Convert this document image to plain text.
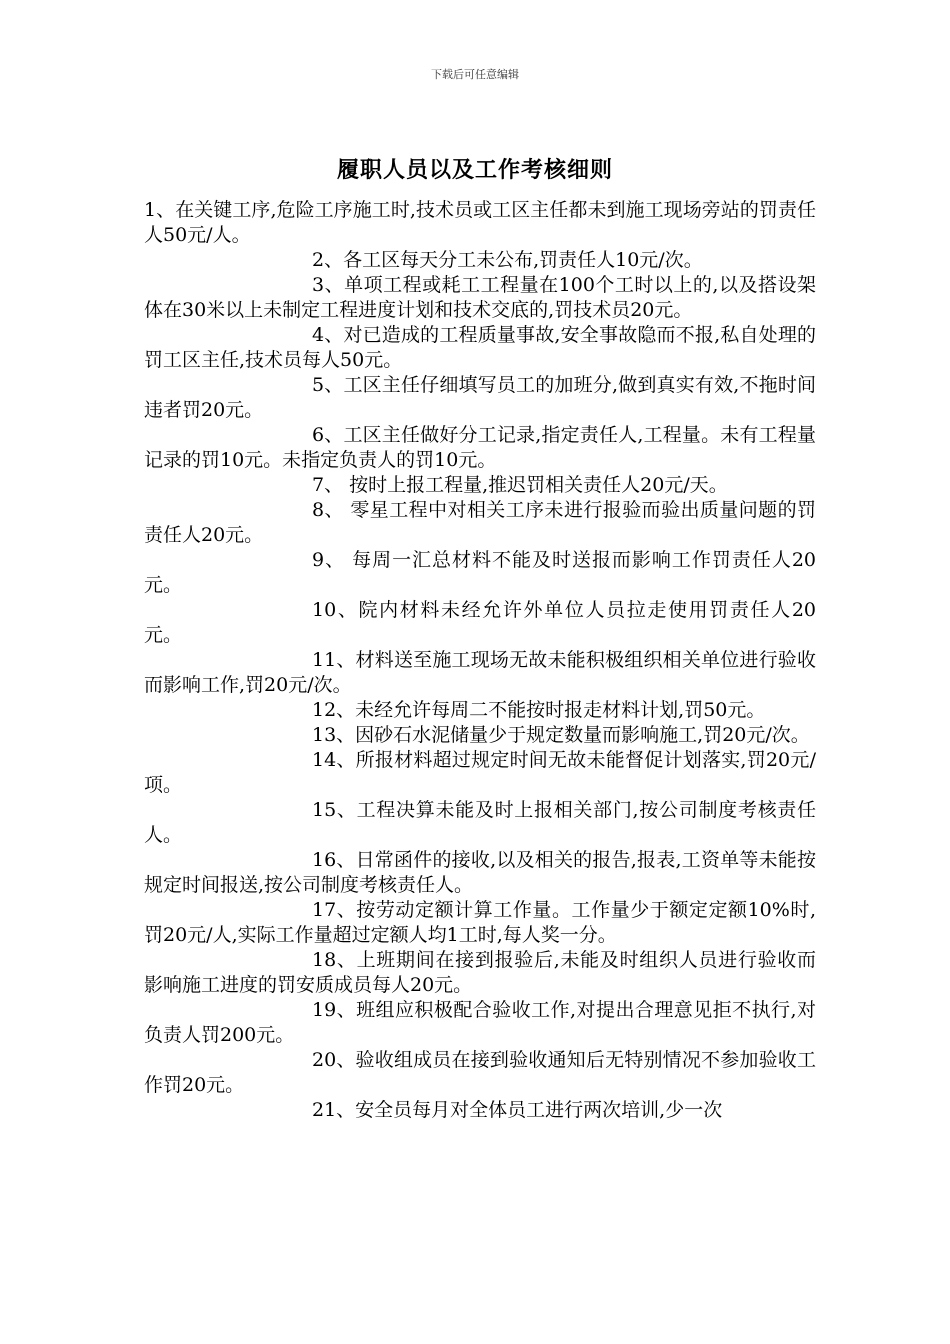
下载后可任意编辑
履职人员以及工作考核细则

1、在关键工序,危险工序施工时,技术员或工区主任都未到施工现场旁站的罚责任人50元/人。

2、各工区每天分工未公布,罚责任人10元/次。

3、单项工程或耗工工程量在100个工时以上的,以及搭设架体在30米以上未制定工程进度计划和技术交底的,罚技术员20元。

4、对已造成的工程质量事故,安全事故隐而不报,私自处理的罚工区主任,技术员每人50元。

5、工区主任仔细填写员工的加班分,做到真实有效,不拖时间违者罚20元。

6、工区主任做好分工记录,指定责任人,工程量。未有工程量记录的罚10元。未指定负责人的罚10元。

7、 按时上报工程量,推迟罚相关责任人20元/天。

8、 零星工程中对相关工序未进行报验而验出质量问题的罚责任人20元。

9、 每周一汇总材料不能及时送报而影响工作罚责任人20元。

10、院内材料未经允许外单位人员拉走使用罚责任人20元。

11、材料送至施工现场无故未能积极组织相关单位进行验收而影响工作,罚20元/次。

12、未经允许每周二不能按时报走材料计划,罚50元。

13、因砂石水泥储量少于规定数量而影响施工,罚20元/次。

14、所报材料超过规定时间无故未能督促计划落实,罚20元/项。

15、工程决算未能及时上报相关部门,按公司制度考核责任人。

16、日常函件的接收,以及相关的报告,报表,工资单等未能按规定时间报送,按公司制度考核责任人。

17、按劳动定额计算工作量。工作量少于额定定额10%时,罚20元/人,实际工作量超过定额人均1工时,每人奖一分。

18、上班期间在接到报验后,未能及时组织人员进行验收而影响施工进度的罚安质成员每人20元。

19、班组应积极配合验收工作,对提出合理意见拒不执行,对负责人罚200元。

20、验收组成员在接到验收通知后无特别情况不参加验收工作罚20元。

21、安全员每月对全体员工进行两次培训,少一次
